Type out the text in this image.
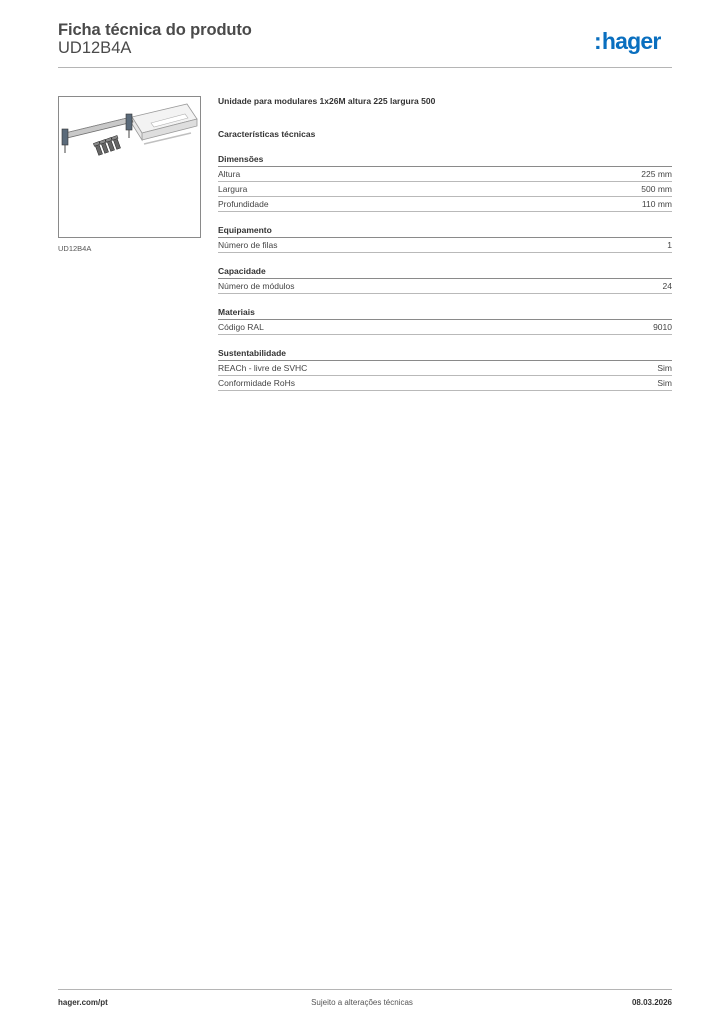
Ficha técnica do produto
UD12B4A	:hager
UD12B4A
Unidade para modulares 1x26M altura 225 largura 500
Características técnicas
Dimensões
Altura	225 mm
Largura	500 mm
Profundidade	110 mm
Equipamento
Número de filas	1
Capacidade
Número de módulos	24
Materiais
Código RAL	9010
Sustentabilidade
REACh - livre de SVHC	Sim
Conformidade RoHs	Sim
hager.com/pt	Sujeito a alterações técnicas	08.03.2026
